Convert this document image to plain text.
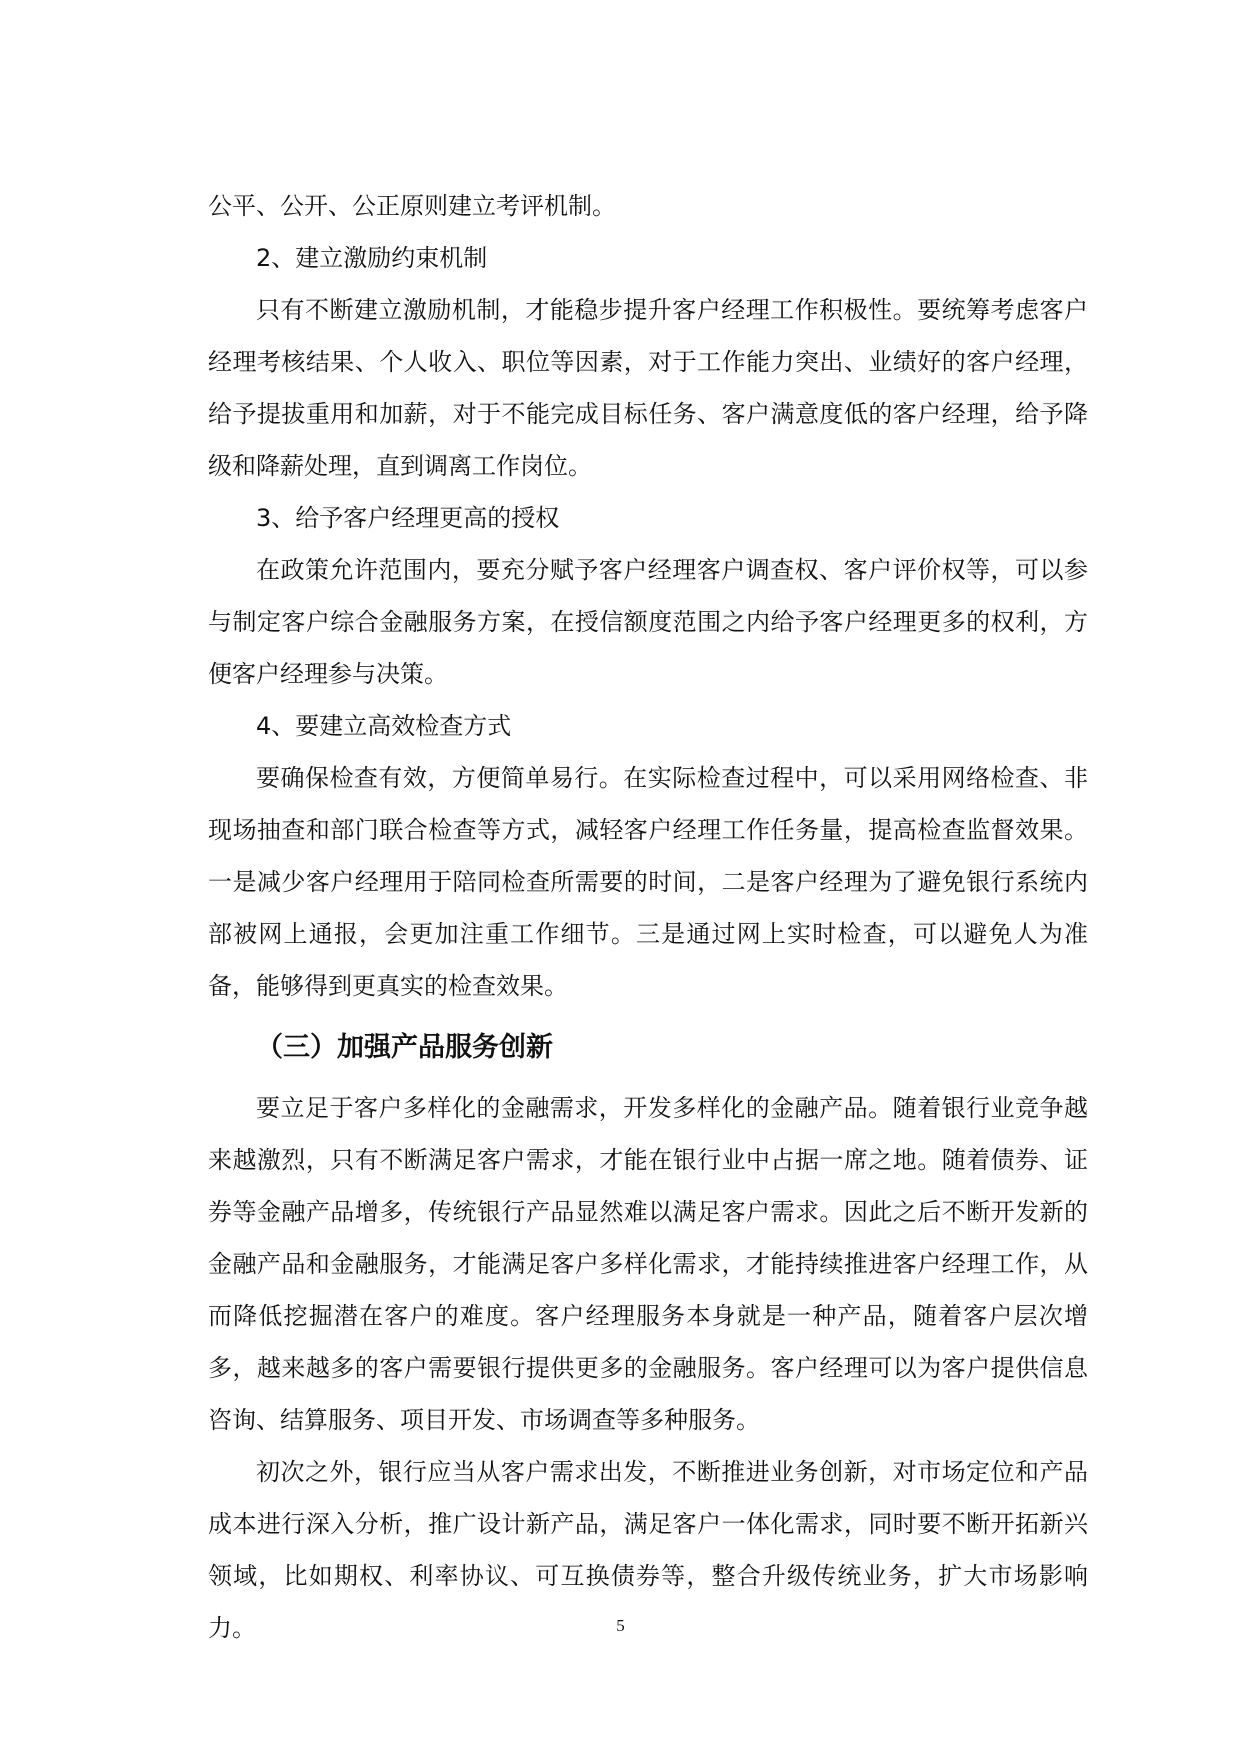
公平、公开、公正原则建立考评机制。

2、建立激励约束机制

只有不断建立激励机制，才能稳步提升客户经理工作积极性。要统筹考虑客户经理考核结果、个人收入、职位等因素，对于工作能力突出、业绩好的客户经理，给予提拔重用和加薪，对于不能完成目标任务、客户满意度低的客户经理，给予降级和降薪处理，直到调离工作岗位。

3、给予客户经理更高的授权

在政策允许范围内，要充分赋予客户经理客户调查权、客户评价权等，可以参与制定客户综合金融服务方案，在授信额度范围之内给予客户经理更多的权利，方便客户经理参与决策。

4、要建立高效检查方式

要确保检查有效，方便简单易行。在实际检查过程中，可以采用网络检查、非现场抽查和部门联合检查等方式，减轻客户经理工作任务量，提高检查监督效果。一是减少客户经理用于陪同检查所需要的时间，二是客户经理为了避免银行系统内部被网上通报，会更加注重工作细节。三是通过网上实时检查，可以避免人为准备，能够得到更真实的检查效果。

（三）加强产品服务创新

要立足于客户多样化的金融需求，开发多样化的金融产品。随着银行业竞争越来越激烈，只有不断满足客户需求，才能在银行业中占据一席之地。随着债券、证券等金融产品增多，传统银行产品显然难以满足客户需求。因此之后不断开发新的金融产品和金融服务，才能满足客户多样化需求，才能持续推进客户经理工作，从而降低挖掘潜在客户的难度。客户经理服务本身就是一种产品，随着客户层次增多，越来越多的客户需要银行提供更多的金融服务。客户经理可以为客户提供信息咨询、结算服务、项目开发、市场调查等多种服务。

初次之外，银行应当从客户需求出发，不断推进业务创新，对市场定位和产品成本进行深入分析，推广设计新产品，满足客户一体化需求，同时要不断开拓新兴领域，比如期权、利率协议、可互换债券等，整合升级传统业务，扩大市场影响力。	5
